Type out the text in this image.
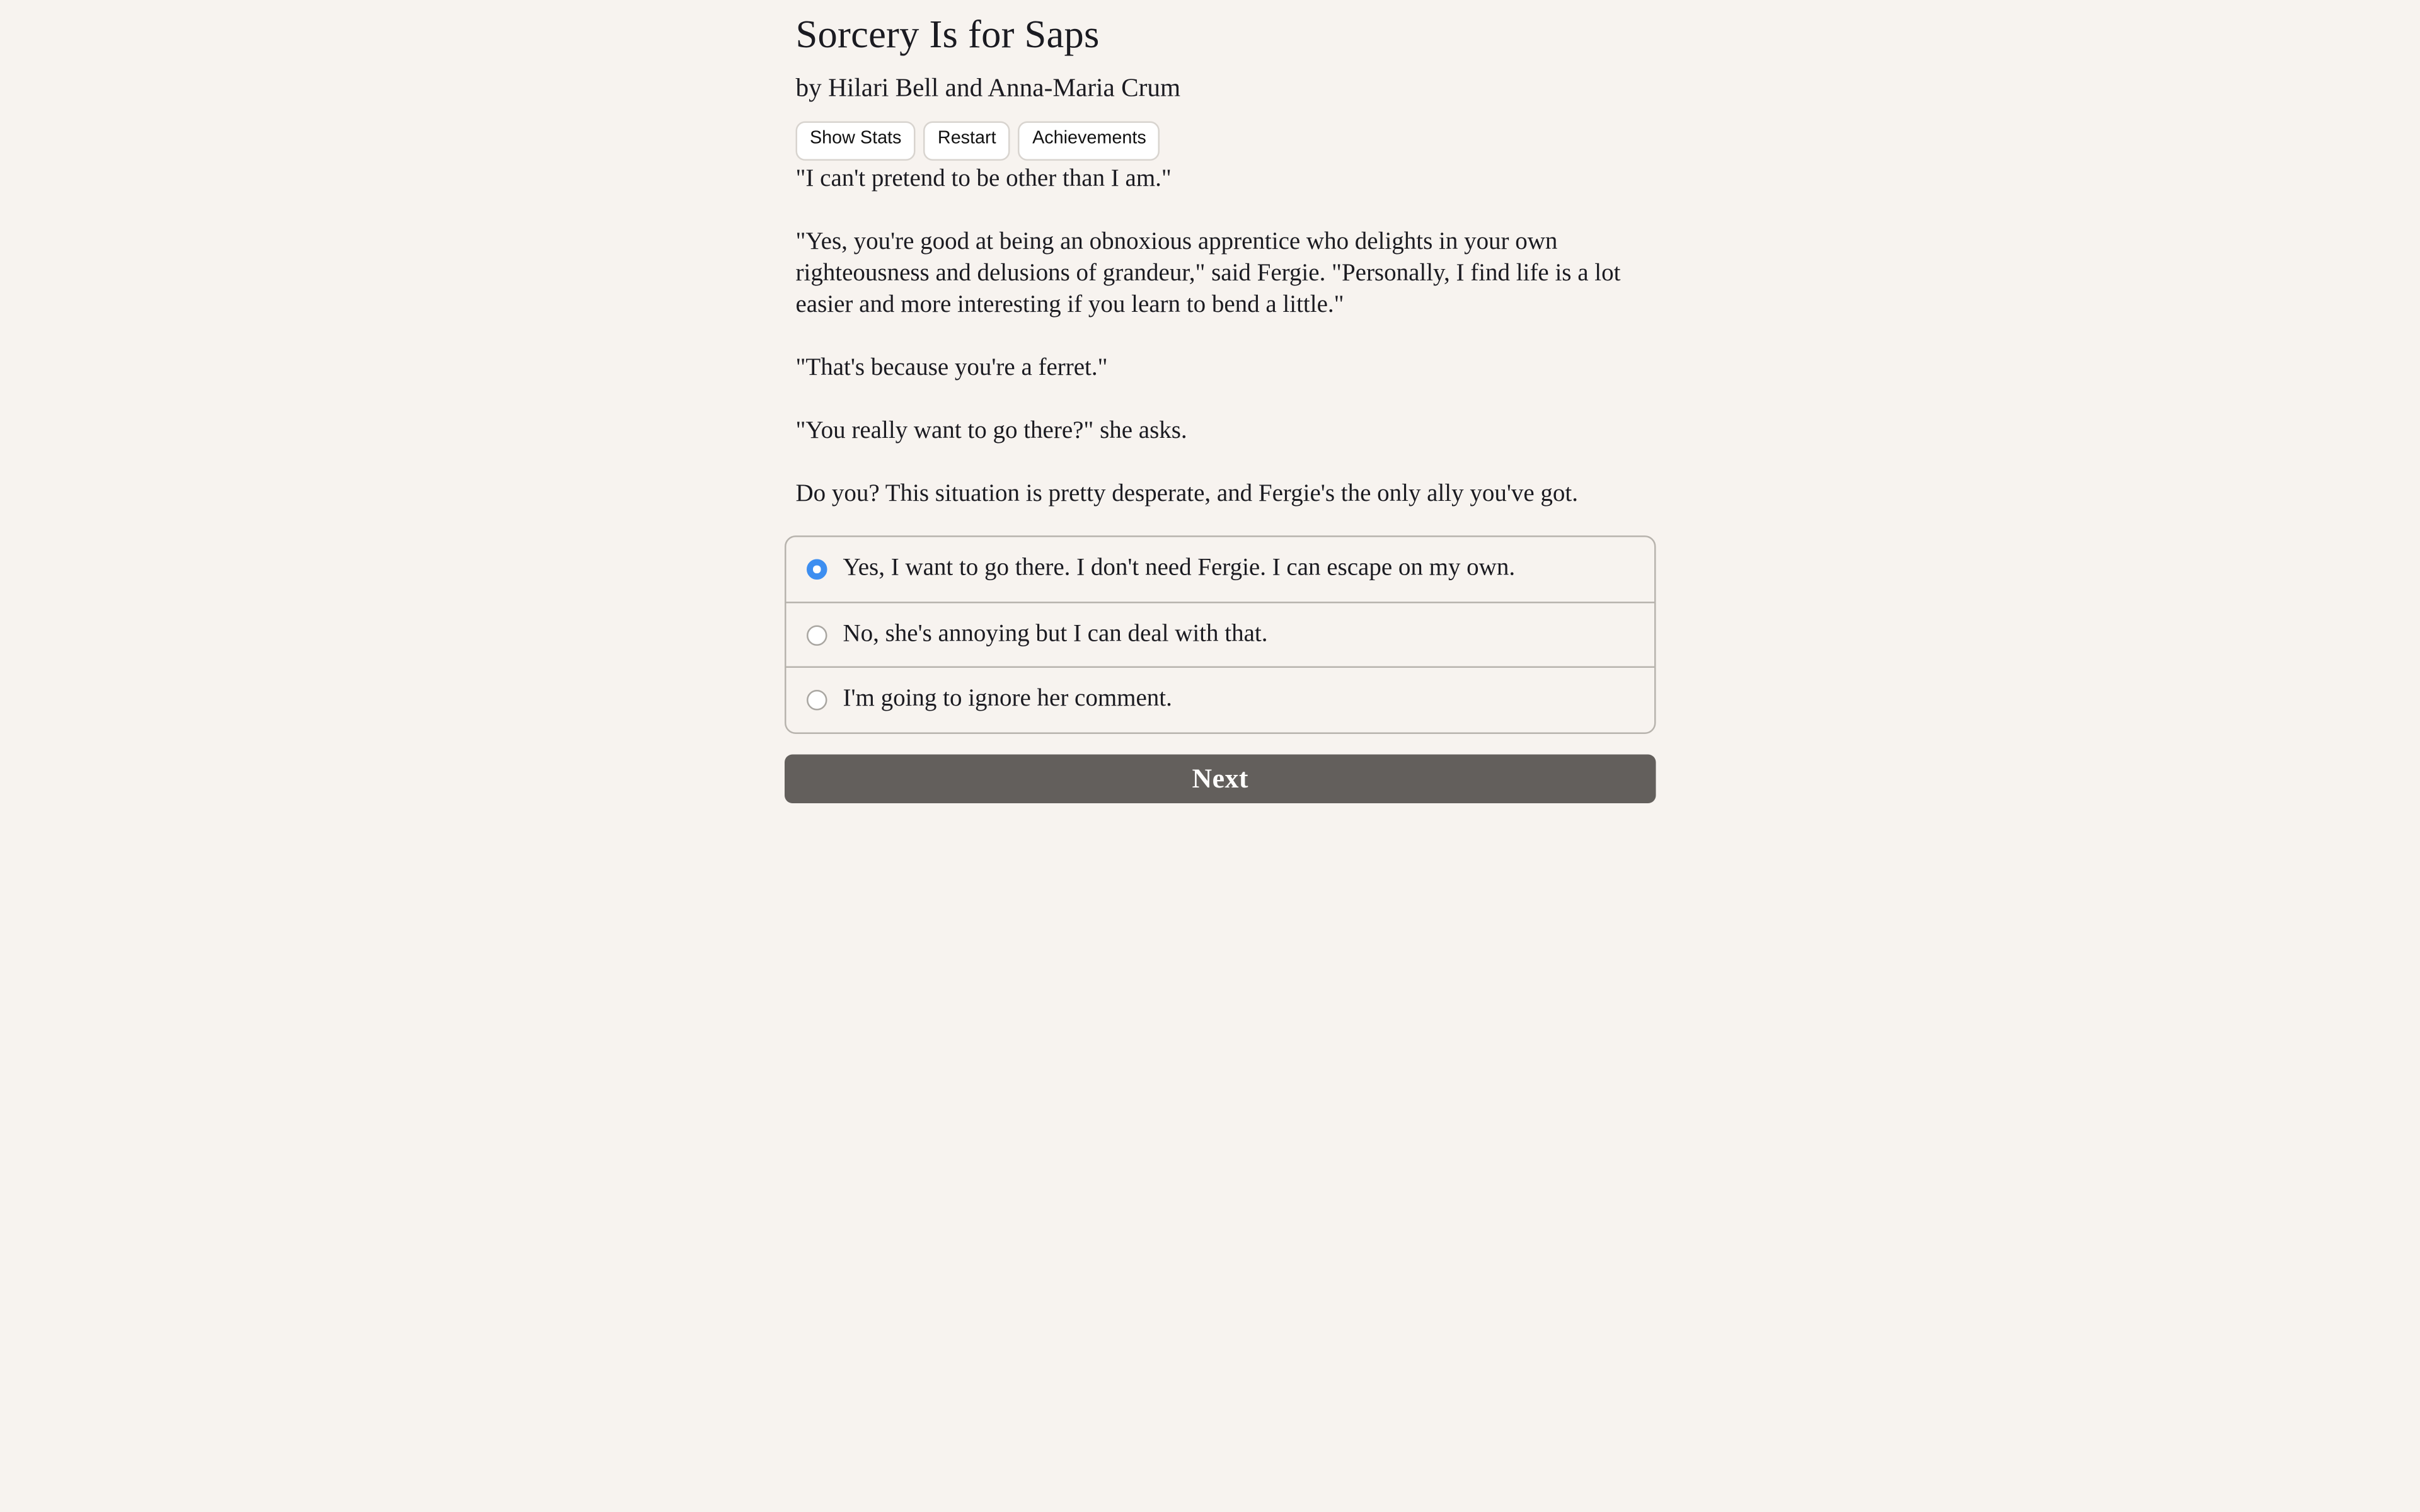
Sorcery Is for Saps
by Hilari Bell and Anna-Maria Crum
Show Stats	Restart	Achievements

"I can't pretend to be other than I am."

"Yes, you're good at being an obnoxious apprentice who delights in your own righteousness and delusions of grandeur," said Fergie. "Personally, I find life is a lot easier and more interesting if you learn to bend a little."

"That's because you're a ferret."

"You really want to go there?" she asks.

Do you? This situation is pretty desperate, and Fergie's the only ally you've got.

Yes, I want to go there. I don't need Fergie. I can escape on my own.
No, she's annoying but I can deal with that.
I'm going to ignore her comment.
Next
